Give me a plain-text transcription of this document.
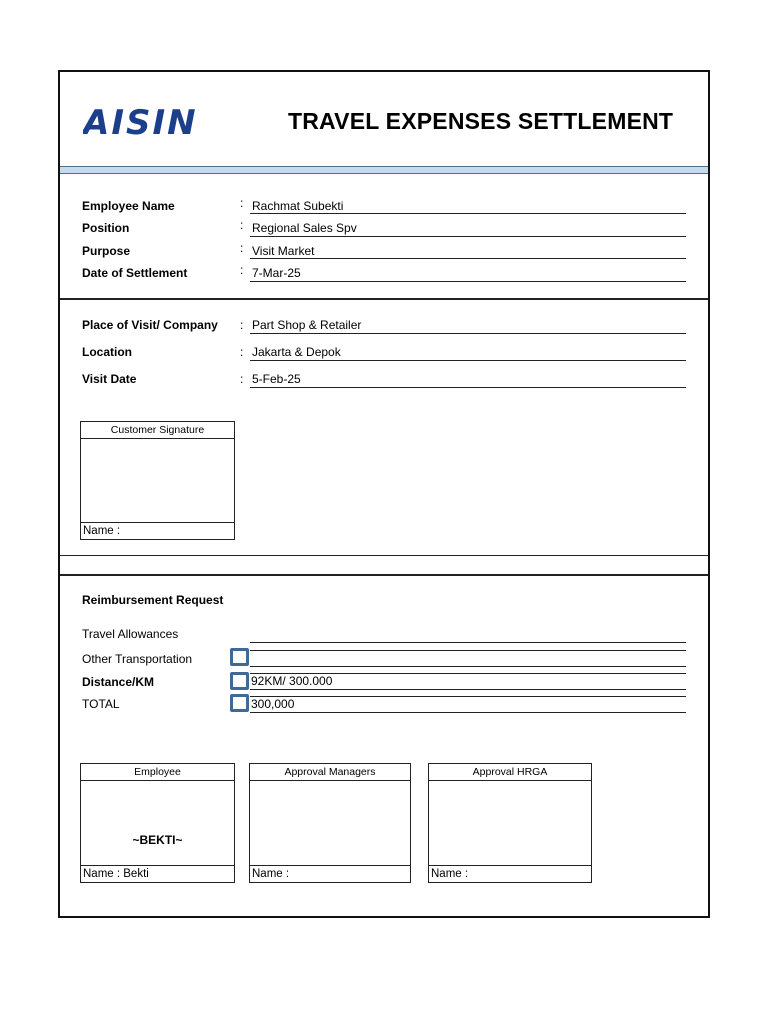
AISIN	TRAVEL EXPENSES SETTLEMENT
Employee Name	: Rachmat Subekti
Position	: Regional Sales Spv
Purpose	: Visit Market
Date of Settlement	: 7-Mar-25
Place of Visit/ Company : Part Shop & Retailer
Location	: Jakarta & Depok
Visit Date	: 5-Feb-25
Customer Signature
Name :
Reimbursement Request
Travel Allowances
Other Transportation
Distance/KM	92KM/ 300.000
TOTAL	300,000
Employee
~BEKTI~
Name : Bekti
Approval Managers
Name :
Approval HRGA
Name :
